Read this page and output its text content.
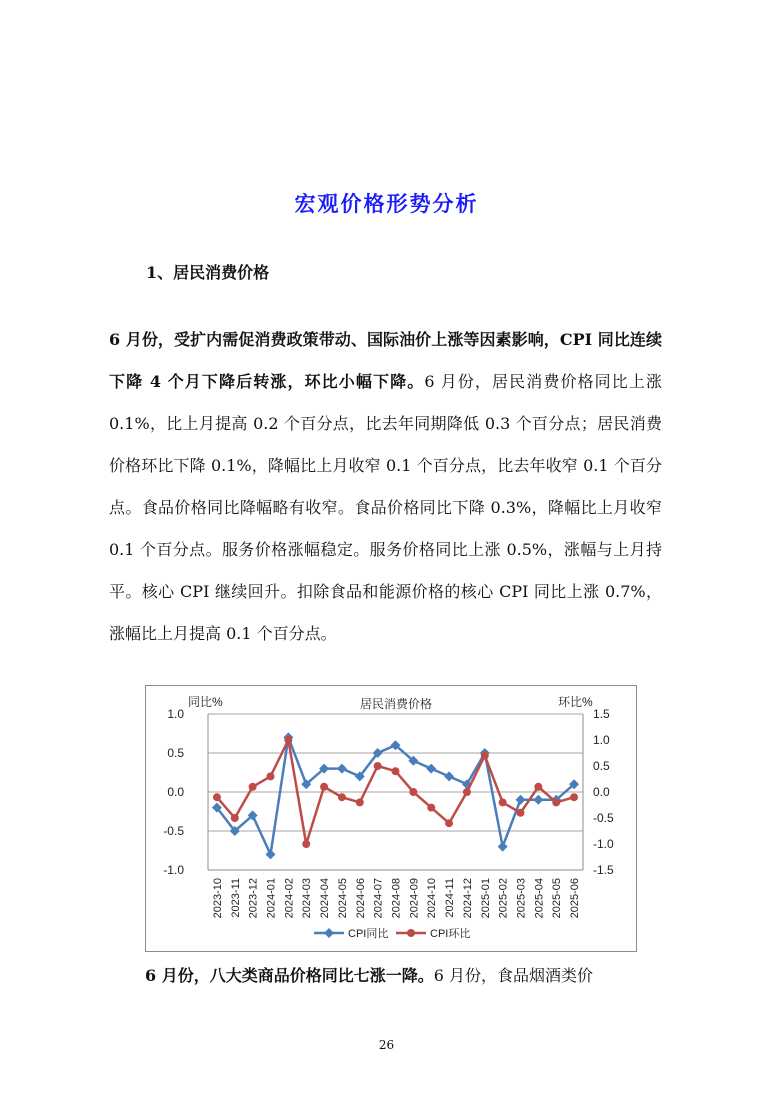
宏观价格形势分析
1、居民消费价格
6 月份，受扩内需促消费政策带动、国际油价上涨等因素影响，CPI 同比连续下降 4 个月下降后转涨，环比小幅下降。6 月份，居民消费价格同比上涨 0.1%，比上月提高 0.2 个百分点，比去年同期降低 0.3 个百分点；居民消费价格环比下降 0.1%，降幅比上月收窄 0.1 个百分点，比去年收窄 0.1 个百分点。食品价格同比降幅略有收窄。食品价格同比下降 0.3%，降幅比上月收窄 0.1 个百分点。服务价格涨幅稳定。服务价格同比上涨 0.5%，涨幅与上月持平。核心 CPI 继续回升。扣除食品和能源价格的核心 CPI 同比上涨 0.7%，涨幅比上月提高 0.1 个百分点。
居民消费价格
同比%	环比%
1.0
0.5
0.0
-0.5
-1.0
1.5
1.0
0.5
0.0
-0.5
-1.0
-1.5
2023-10 2023-11 2023-12 2024-01 2024-02 2024-03 2024-04 2024-05 2024-06 2024-07 2024-08 2024-09 2024-10 2024-11 2024-12 2025-01 2025-02 2025-03 2025-04 2025-05 2025-06
CPI同比	CPI环比
6 月份，八大类商品价格同比七涨一降。6 月份，食品烟酒类价
26
